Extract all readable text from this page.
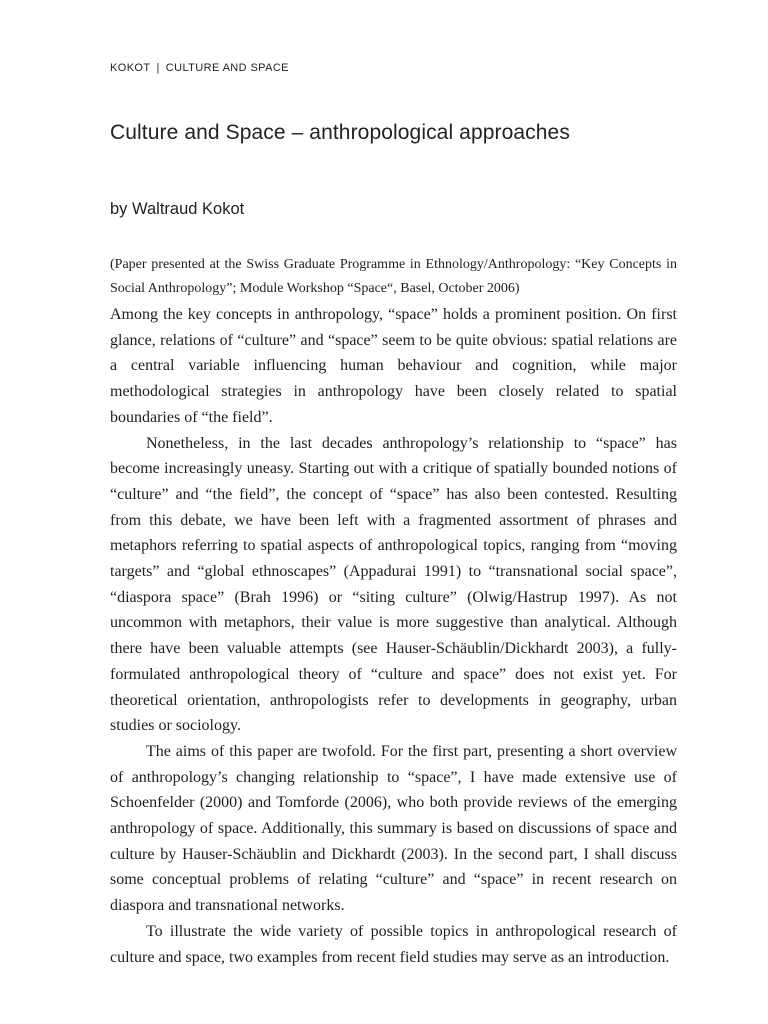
KOKOT | CULTURE AND SPACE
Culture and Space – anthropological approaches

by Waltraud Kokot

(Paper presented at the Swiss Graduate Programme in Ethnology/Anthropology: “Key Concepts in Social Anthropology”; Module Workshop “Space“, Basel, October 2006)

Among the key concepts in anthropology, “space” holds a prominent position. On first glance, relations of “culture” and “space” seem to be quite obvious: spatial relations are a central variable influencing human behaviour and cognition, while major methodological strategies in anthropology have been closely related to spatial boundaries of “the field”.

Nonetheless, in the last decades anthropology’s relationship to “space” has become increasingly uneasy. Starting out with a critique of spatially bounded notions of “culture” and “the field”, the concept of “space” has also been contested. Resulting from this debate, we have been left with a fragmented assortment of phrases and metaphors referring to spatial aspects of anthropological topics, ranging from “moving targets” and “global ethnoscapes” (Appadurai 1991) to “transnational social space”, “diaspora space” (Brah 1996) or “siting culture” (Olwig/​Hastrup 1997). As not uncommon with metaphors, their value is more suggestive than analytical. Although there have been valuable attempts (see Hauser-Schäublin/Dickhardt 2003), a fully-formulated anthropological theory of “culture and space” does not exist yet. For theoretical orientation, anthropologists refer to developments in geography, urban studies or sociology.

The aims of this paper are twofold. For the first part, presenting a short overview of anthropology’s changing relationship to “space”, I have made extensive use of Schoenfelder (2000) and Tomforde (2006), who both provide reviews of the emerging anthropology of space. Additionally, this summary is based on discussions of space and culture by Hauser-Schäublin and Dickhardt (2003). In the second part, I shall discuss some conceptual problems of relating “culture” and “space” in recent research on diaspora and transnational networks.

To illustrate the wide variety of possible topics in anthropological research of culture and space, two examples from recent field studies may serve as an introduction.
